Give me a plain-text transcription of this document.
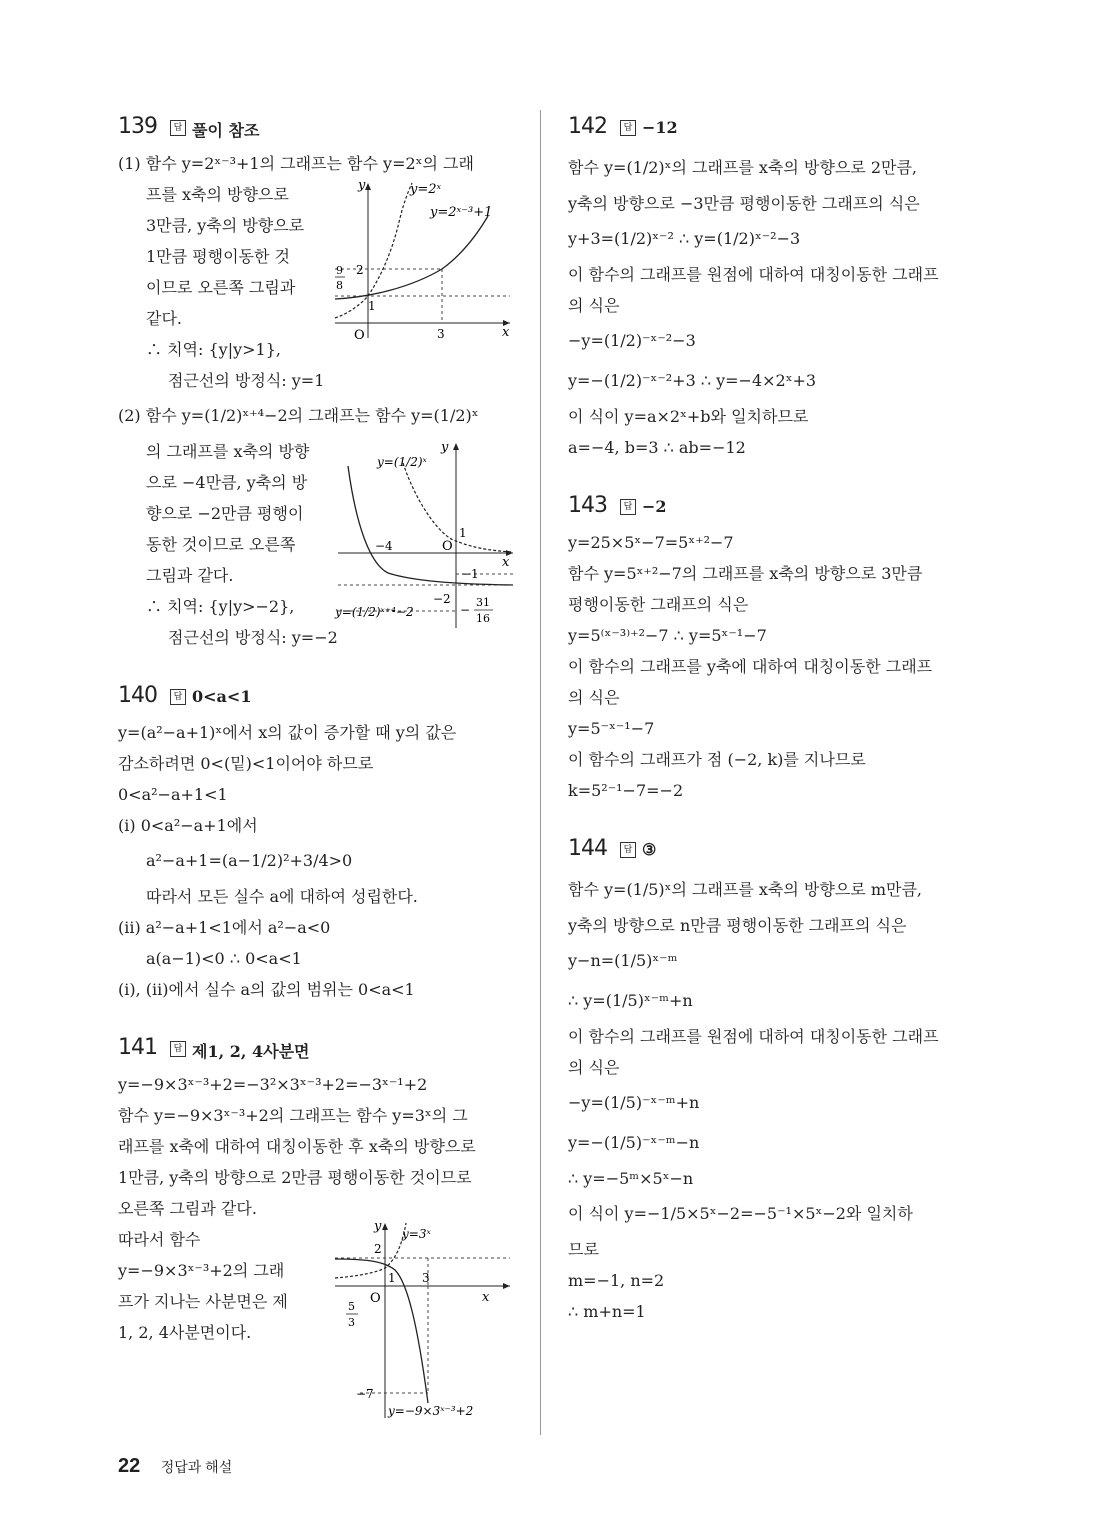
139	답 풀이 참조
(1) 함수 y=2ˣ⁻³+1의 그래프는 함수 y=2ˣ의 그래
프를 x축의 방향으로
3만큼, y축의 방향으로
1만큼 평행이동한 것
이므로 오른쪽 그림과
같다.
∴ 치역: {y|y>1},
점근선의 방정식: y=1
(2) 함수 y=(1/2)ˣ⁺⁴−2의 그래프는 함수 y=(1/2)ˣ
의 그래프를 x축의 방향
으로 −4만큼, y축의 방
향으로 −2만큼 평행이
동한 것이므로 오른쪽
그림과 같다.
∴ 치역: {y|y>−2},
점근선의 방정식: y=−2
140	답 0<a<1
y=(a²−a+1)ˣ에서 x의 값이 증가할 때 y의 값은
감소하려면 0<(밑)<1이어야 하므로
0<a²−a+1<1
(i) 0<a²−a+1에서
a²−a+1=(a−1/2)²+3/4>0
따라서 모든 실수 a에 대하여 성립한다.
(ii) a²−a+1<1에서 a²−a<0
a(a−1)<0 ∴ 0<a<1
(i), (ii)에서 실수 a의 값의 범위는 0<a<1
141	답 제1, 2, 4사분면
y=−9×3ˣ⁻³+2=−3²×3ˣ⁻³+2=−3ˣ⁻¹+2
함수 y=−9×3ˣ⁻³+2의 그래프는 함수 y=3ˣ의 그
래프를 x축에 대하여 대칭이동한 후 x축의 방향으로
1만큼, y축의 방향으로 2만큼 평행이동한 것이므로
오른쪽 그림과 같다.
따라서 함수
y=−9×3ˣ⁻³+2의 그래
프가 지나는 사분면은 제
1, 2, 4사분면이다.
y
x
O
y=2ˣ
y=2ˣ⁻³+1
2
1
9
8
3
y
x
O
y=(1/2)ˣ
y=(1/2)ˣ⁺⁴−2
1
−4
−1
−2
−
31
16
y
x
O
y=3ˣ
y=−9×3ˣ⁻³+2
2
1 3
−7
5
3
142	답 −12
함수 y=(1/2)ˣ의 그래프를 x축의 방향으로 2만큼,
y축의 방향으로 −3만큼 평행이동한 그래프의 식은
y+3=(1/2)ˣ⁻² ∴ y=(1/2)ˣ⁻²−3
이 함수의 그래프를 원점에 대하여 대칭이동한 그래프
의 식은
−y=(1/2)⁻ˣ⁻²−3
y=−(1/2)⁻ˣ⁻²+3 ∴ y=−4×2ˣ+3
이 식이 y=a×2ˣ+b와 일치하므로
a=−4, b=3 ∴ ab=−12
143	답 −2
y=25×5ˣ−7=5ˣ⁺²−7
함수 y=5ˣ⁺²−7의 그래프를 x축의 방향으로 3만큼
평행이동한 그래프의 식은
y=5⁽ˣ⁻³⁾⁺²−7 ∴ y=5ˣ⁻¹−7
이 함수의 그래프를 y축에 대하여 대칭이동한 그래프
의 식은
y=5⁻ˣ⁻¹−7
이 함수의 그래프가 점 (−2, k)를 지나므로
k=5²⁻¹−7=−2
144	답 ③
함수 y=(1/5)ˣ의 그래프를 x축의 방향으로 m만큼,
y축의 방향으로 n만큼 평행이동한 그래프의 식은
y−n=(1/5)ˣ⁻ᵐ
∴ y=(1/5)ˣ⁻ᵐ+n
이 함수의 그래프를 원점에 대하여 대칭이동한 그래프
의 식은
−y=(1/5)⁻ˣ⁻ᵐ+n
y=−(1/5)⁻ˣ⁻ᵐ−n
∴ y=−5ᵐ×5ˣ−n
이 식이 y=−1/5×5ˣ−2=−5⁻¹×5ˣ−2와 일치하
므로
m=−1, n=2
∴ m+n=1
22 정답과 해설
